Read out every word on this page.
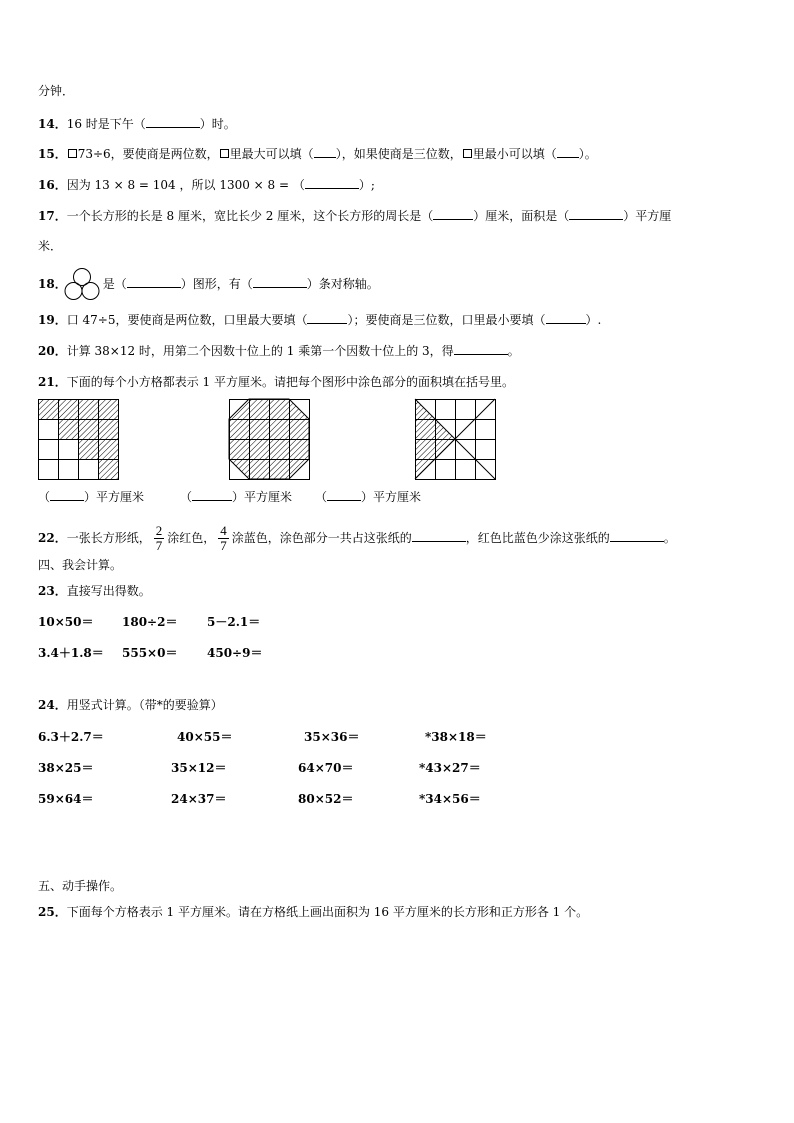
分钟．
14．16 时是下午（	）时。
15． 73÷6，要使商是两位数， 里最大可以填（ ），如果使商是三位数， 里最小可以填（ ）。
16．因为 13 × 8 = 104 ，所以 1300 × 8 = （	）;
17．一个长方形的长是 8 厘米，宽比长少 2 厘米，这个长方形的周长是（	）厘米，面积是（	）平方厘
米．
18．	是（	）图形，有（	）条对称轴。
19．口 47÷5，要使商是两位数，口里最大要填（	）；要使商是三位数，口里最小要填（	）.
20．计算 38×12 时，用第二个因数十位上的 1 乘第一个因数十位上的 3，得	。
21．下面的每个小方格都表示 1 平方厘米。请把每个图形中涂色部分的面积填在括号里。
（	）平方厘米	（	）平方厘米 （	）平方厘米
22．一张长方形纸， $\frac{2}{7}$ 涂红色， $\frac{4}{7}$ 涂蓝色，涂色部分一共占这张纸的	，红色比蓝色少涂这张纸的	。
四、我会计算。
23．直接写出得数。
10×50＝ 180÷2＝ 5－2.1＝
3.4＋1.8＝ 555×0＝ 450÷9＝
24．用竖式计算。（带*的要验算）
6.3＋2.7＝	40×55＝	35×36＝	*38×18＝
38×25＝	35×12＝	64×70＝	*43×27＝
59×64＝	24×37＝	80×52＝	*34×56＝
五、动手操作。
25．下面每个方格表示 1 平方厘米。请在方格纸上画出面积为 16 平方厘米的长方形和正方形各 1 个。
